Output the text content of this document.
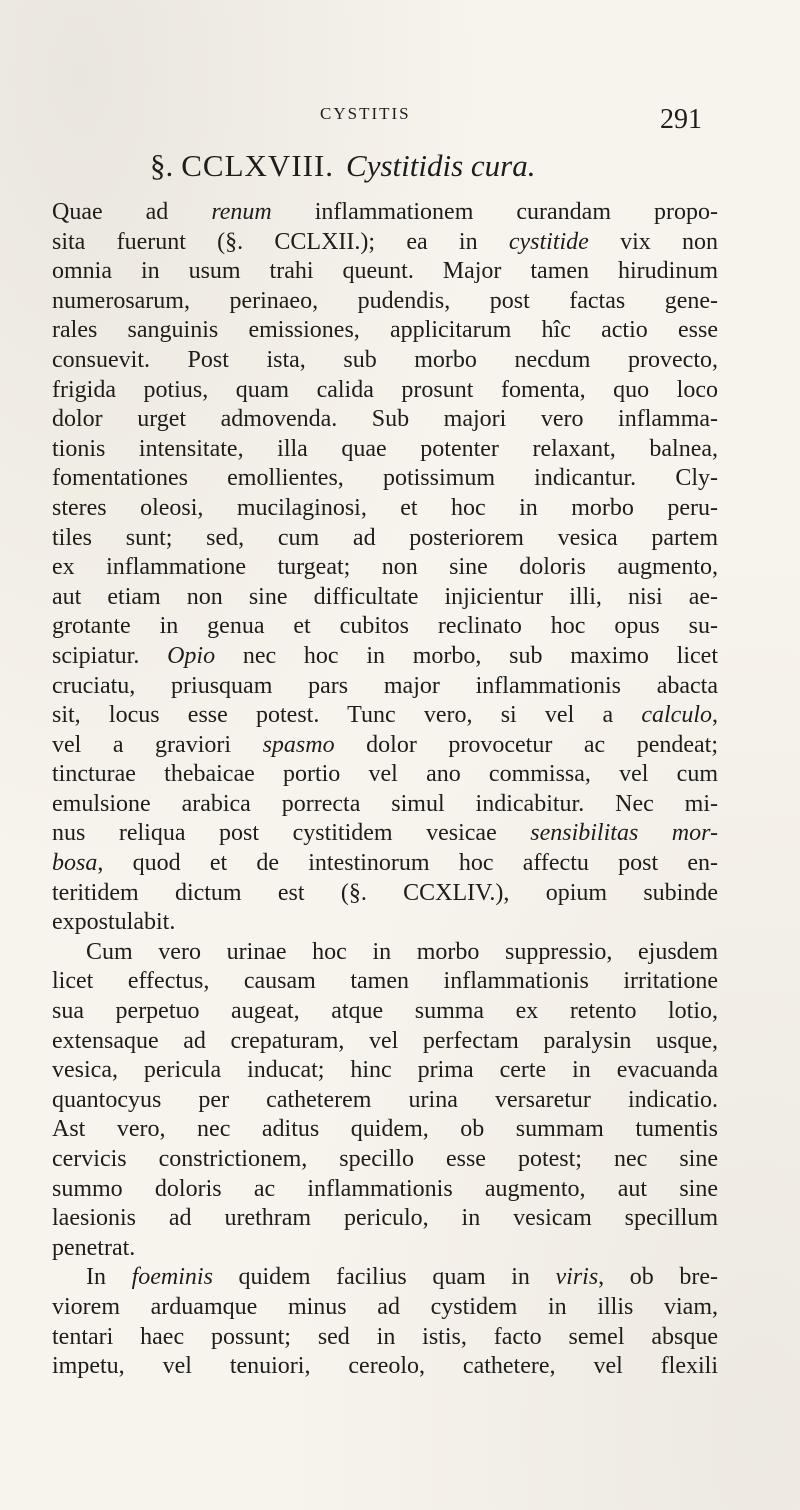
CYSTITIS	291
§. CCLXVIII. Cystitidis cura.
Quae ad renum inflammationem curandam propo-
sita fuerunt (§. CCLXII.); ea in cystitide vix non
omnia in usum trahi queunt. Major tamen hirudinum
numerosarum, perinaeo, pudendis, post factas gene-
rales sanguinis emissiones, applicitarum hîc actio esse
consuevit. Post ista, sub morbo necdum provecto,
frigida potius, quam calida prosunt fomenta, quo loco
dolor urget admovenda. Sub majori vero inflamma-
tionis intensitate, illa quae potenter relaxant, balnea,
fomentationes emollientes, potissimum indicantur. Cly-
steres oleosi, mucilaginosi, et hoc in morbo peru-
tiles sunt; sed, cum ad posteriorem vesica partem
ex inflammatione turgeat; non sine doloris augmento,
aut etiam non sine difficultate injicientur illi, nisi ae-
grotante in genua et cubitos reclinato hoc opus su-
scipiatur. Opio nec hoc in morbo, sub maximo licet
cruciatu, priusquam pars major inflammationis abacta
sit, locus esse potest. Tunc vero, si vel a calculo,
vel a graviori spasmo dolor provocetur ac pendeat;
tincturae thebaicae portio vel ano commissa, vel cum
emulsione arabica porrecta simul indicabitur. Nec mi-
nus reliqua post cystitidem vesicae sensibilitas mor-
bosa, quod et de intestinorum hoc affectu post en-
teritidem dictum est (§. CCXLIV.), opium subinde
expostulabit.
Cum vero urinae hoc in morbo suppressio, ejusdem
licet effectus, causam tamen inflammationis irritatione
sua perpetuo augeat, atque summa ex retento lotio,
extensaque ad crepaturam, vel perfectam paralysin usque,
vesica, pericula inducat; hinc prima certe in evacuanda
quantocyus per catheterem urina versaretur indicatio.
Ast vero, nec aditus quidem, ob summam tumentis
cervicis constrictionem, specillo esse potest; nec sine
summo doloris ac inflammationis augmento, aut sine
laesionis ad urethram periculo, in vesicam specillum
penetrat.
In foeminis quidem facilius quam in viris, ob bre-
viorem arduamque minus ad cystidem in illis viam,
tentari haec possunt; sed in istis, facto semel absque
impetu, vel tenuiori, cereolo, cathetere, vel flexili
